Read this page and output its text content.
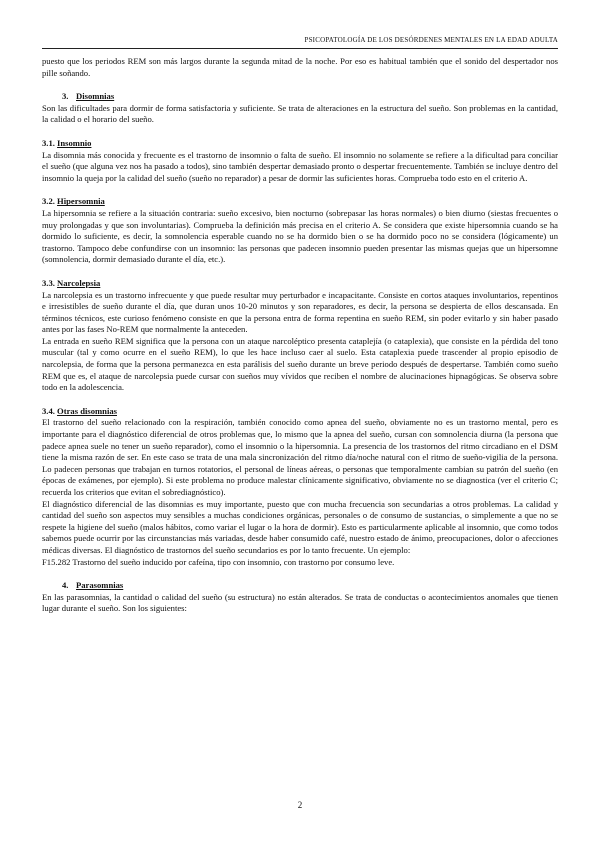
PSICOPATOLOGÍA DE LOS DESÓRDENES MENTALES EN LA EDAD ADULTA

puesto que los periodos REM son más largos durante la segunda mitad de la noche. Por eso es habitual también que el sonido del despertador nos pille soñando.

3. Disomnias

Son las dificultades para dormir de forma satisfactoria y suficiente. Se trata de alteraciones en la estructura del sueño. Son problemas en la cantidad, la calidad o el horario del sueño.

3.1. Insomnio

La disomnia más conocida y frecuente es el trastorno de insomnio o falta de sueño. El insomnio no solamente se refiere a la dificultad para conciliar el sueño (que alguna vez nos ha pasado a todos), sino también despertar demasiado pronto o despertar frecuentemente. También se incluye dentro del insomnio la queja por la calidad del sueño (sueño no reparador) a pesar de dormir las suficientes horas. Comprueba todo esto en el criterio A.

3.2. Hipersomnia

La hipersomnia se refiere a la situación contraria: sueño excesivo, bien nocturno (sobrepasar las horas normales) o bien diurno (siestas frecuentes o muy prolongadas y que son involuntarias). Comprueba la definición más precisa en el criterio A. Se considera que existe hipersomnia cuando se ha dormido lo suficiente, es decir, la somnolencia esperable cuando no se ha dormido bien o se ha dormido poco no se considera (lógicamente) un trastorno. Tampoco debe confundirse con un insomnio: las personas que padecen insomnio pueden presentar las mismas quejas que un hipersomne (somnolencia, dormir demasiado durante el día, etc.).

3.3. Narcolepsia

La narcolepsia es un trastorno infrecuente y que puede resultar muy perturbador e incapacitante. Consiste en cortos ataques involuntarios, repentinos e irresistibles de sueño durante el día, que duran unos 10-20 minutos y son reparadores, es decir, la persona se despierta de ellos descansada. En términos técnicos, este curioso fenómeno consiste en que la persona entra de forma repentina en sueño REM, sin poder evitarlo y sin haber pasado antes por las fases No-REM que normalmente la anteceden.

La entrada en sueño REM significa que la persona con un ataque narcoléptico presenta cataplejía (o cataplexia), que consiste en la pérdida del tono muscular (tal y como ocurre en el sueño REM), lo que les hace incluso caer al suelo. Esta cataplexia puede trascender al propio episodio de narcolepsia, de forma que la persona permanezca en esta parálisis del sueño durante un breve periodo después de despertarse. También como sueño REM que es, el ataque de narcolepsia puede cursar con sueños muy vívidos que reciben el nombre de alucinaciones hipnagógicas. Se observa sobre todo en la adolescencia.

3.4. Otras disomnias

El trastorno del sueño relacionado con la respiración, también conocido como apnea del sueño, obviamente no es un trastorno mental, pero es importante para el diagnóstico diferencial de otros problemas que, lo mismo que la apnea del sueño, cursan con somnolencia diurna (la persona que padece apnea suele no tener un sueño reparador), como el insomnio o la hipersomnia. La presencia de los trastornos del ritmo circadiano en el DSM tiene la misma razón de ser. En este caso se trata de una mala sincronización del ritmo día/noche natural con el ritmo de sueño-vigilia de la persona. Lo padecen personas que trabajan en turnos rotatorios, el personal de líneas aéreas, o personas que temporalmente cambian su patrón del sueño (en épocas de exámenes, por ejemplo). Si este problema no produce malestar clínicamente significativo, obviamente no se diagnostica (ver el criterio C; recuerda los criterios que evitan el sobrediagnóstico).

El diagnóstico diferencial de las disomnias es muy importante, puesto que con mucha frecuencia son secundarias a otros problemas. La calidad y cantidad del sueño son aspectos muy sensibles a muchas condiciones orgánicas, personales o de consumo de sustancias, o simplemente a que no se respete la higiene del sueño (malos hábitos, como variar el lugar o la hora de dormir). Esto es particularmente aplicable al insomnio, que como todos sabemos puede ocurrir por las circunstancias más variadas, desde haber consumido café, nuestro estado de ánimo, preocupaciones, dolor o afecciones médicas diversas. El diagnóstico de trastornos del sueño secundarios es por lo tanto frecuente. Un ejemplo:

F15.282 Trastorno del sueño inducido por cafeína, tipo con insomnio, con trastorno por consumo leve.

4. Parasomnias

En las parasomnias, la cantidad o calidad del sueño (su estructura) no están alterados. Se trata de conductas o acontecimientos anomales que tienen lugar durante el sueño. Son los siguientes:

2
